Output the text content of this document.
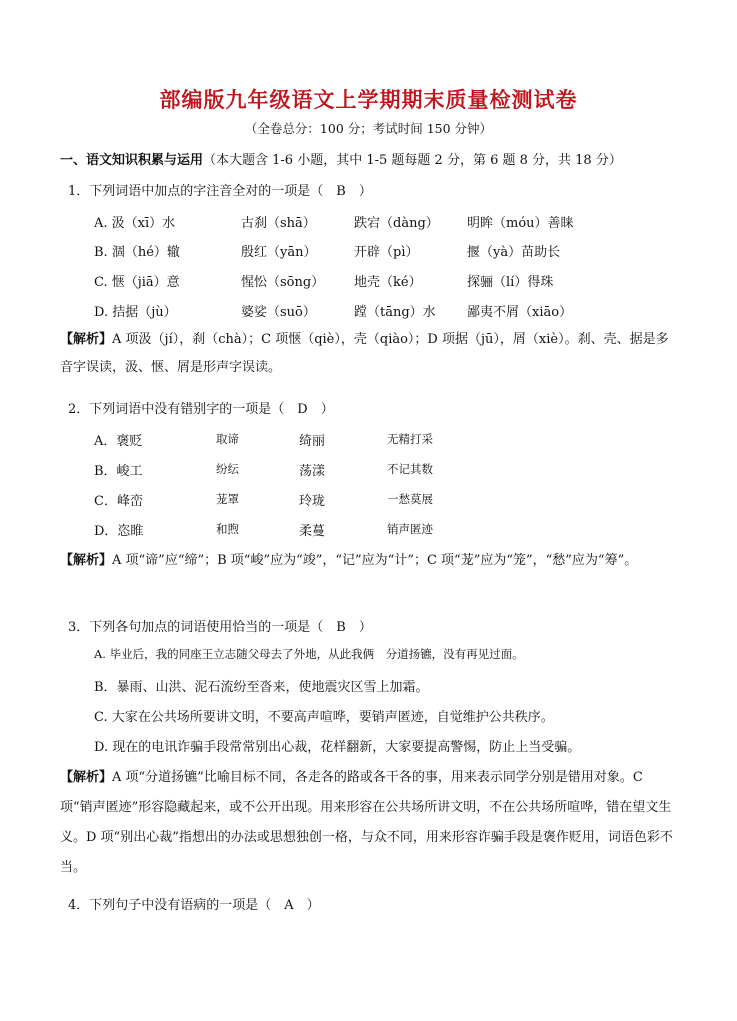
部编版九年级语文上学期期末质量检测试卷
（全卷总分：100 分；考试时间 150 分钟）
一、语文知识积累与运用（本大题含 1-6 小题，其中 1-5 题每题 2 分，第 6 题 8 分，共 18 分）
1．下列词语中加点的字注音全对的一项是（　B　）
A. 汲（xī）水	古刹（shā）	跌宕（dàng） 明眸（móu）善睐
B. 涸（hé）辙	殷红（yān）	开辟（pì）	揠（yà）苗助长
C. 惬（jiā）意	惺忪（sōng） 地壳（ké）	探骊（lí）得珠
D. 拮据（jù）	婆娑（suō）	蹚（tāng）水 鄙夷不屑（xiāo）
【解析】A 项汲（jí），刹（chà）；C 项惬（qiè），壳（qiào）；D 项据（jū），屑（xiè）。刹、壳、据是多音字误读，汲、惬、屑是形声字误读。
2．下列词语中没有错别字的一项是（　D　）
A．褒贬	取谛	绮丽	无精打采
B．峻工	纷纭	荡漾	不记其数
C．峰峦	茏罩	玲珑	一愁莫展
D．恣睢	和煦	柔蔓	销声匿迹
【解析】A 项“谛”应“缔”；B 项“峻”应为“竣”，“记”应为“计”；C 项“茏”应为“笼”，“愁”应为“筹”。
3．下列各句加点的词语使用恰当的一项是（　B　）
A. 毕业后，我的同座王立志随父母去了外地，从此我俩　分道扬镳，没有再见过面。
B．暴雨、山洪、泥石流纷至沓来，使地震灾区雪上加霜。
C. 大家在公共场所要讲文明，不要高声喧哗，要销声匿迹，自觉维护公共秩序。
D. 现在的电讯诈骗手段常常别出心裁，花样翻新，大家要提高警惕，防止上当受骗。
【解析】A 项“分道扬镳”比喻目标不同，各走各的路或各干各的事，用来表示同学分别是错用对象。C 项“销声匿迹”形容隐藏起来，或不公开出现。用来形容在公共场所讲文明，不在公共场所喧哗，错在望文生义。D 项“别出心裁”指想出的办法或思想独创一格，与众不同，用来形容诈骗手段是褒作贬用，词语色彩不当。
4．下列句子中没有语病的一项是（　A　）
